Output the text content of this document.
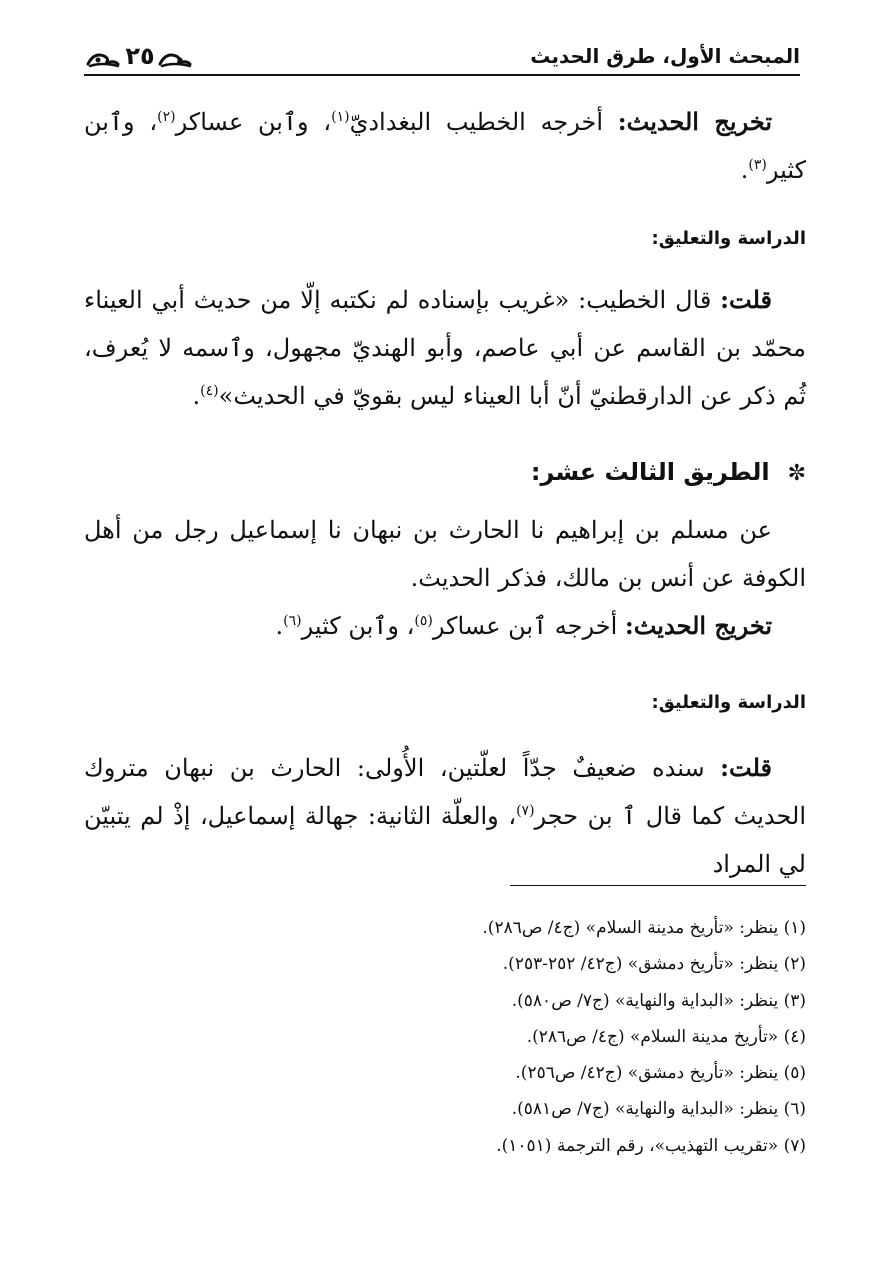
المبحث الأول، طرق الحديث
٢٥
تخريج الحديث: أخرجه الخطيب البغداديّ$^{(١)}$، وٱبن عساكر$^{(٢)}$، وٱبن كثير$^{(٣)}$.
الدراسة والتعليق:
قلت: قال الخطيب: «غريب بإسناده لم نكتبه إلّا من حديث أبي العيناء محمّد بن القاسم عن أبي عاصم، وأبو الهنديّ مجهول، وٱسمه لا يُعرف، ثُم ذكر عن الدارقطنيّ أنّ أبا العيناء ليس بقويّ في الحديث»$^{(٤)}$.
✼الطريق الثالث عشر:
عن مسلم بن إبراهيم نا الحارث بن نبهان نا إسماعيل رجل من أهل الكوفة عن أنس بن مالك، فذكر الحديث.
تخريج الحديث: أخرجه ٱبن عساكر$^{(٥)}$، وٱبن كثير$^{(٦)}$.
الدراسة والتعليق:
قلت: سنده ضعيفٌ جدّاً لعلّتين، الأُولى: الحارث بن نبهان متروك الحديث كما قال ٱ بن حجر$^{(٧)}$، والعلّة الثانية: جهالة إسماعيل، إذْ لم يتبيّن لي المراد
(١) ينظر: «تأريخ مدينة السلام» (ج٤/ ص٢٨٦).
(٢) ينظر: «تأريخ دمشق» (ج٤٢/ ٢٥٢-٢٥٣).
(٣) ينظر: «البداية والنهاية» (ج٧/ ص٥٨٠).
(٤) «تأريخ مدينة السلام» (ج٤/ ص٢٨٦).
(٥) ينظر: «تأريخ دمشق» (ج٤٢/ ص٢٥٦).
(٦) ينظر: «البداية والنهاية» (ج٧/ ص٥٨١).
(٧) «تقريب التهذيب»، رقم الترجمة (١٠٥١).
